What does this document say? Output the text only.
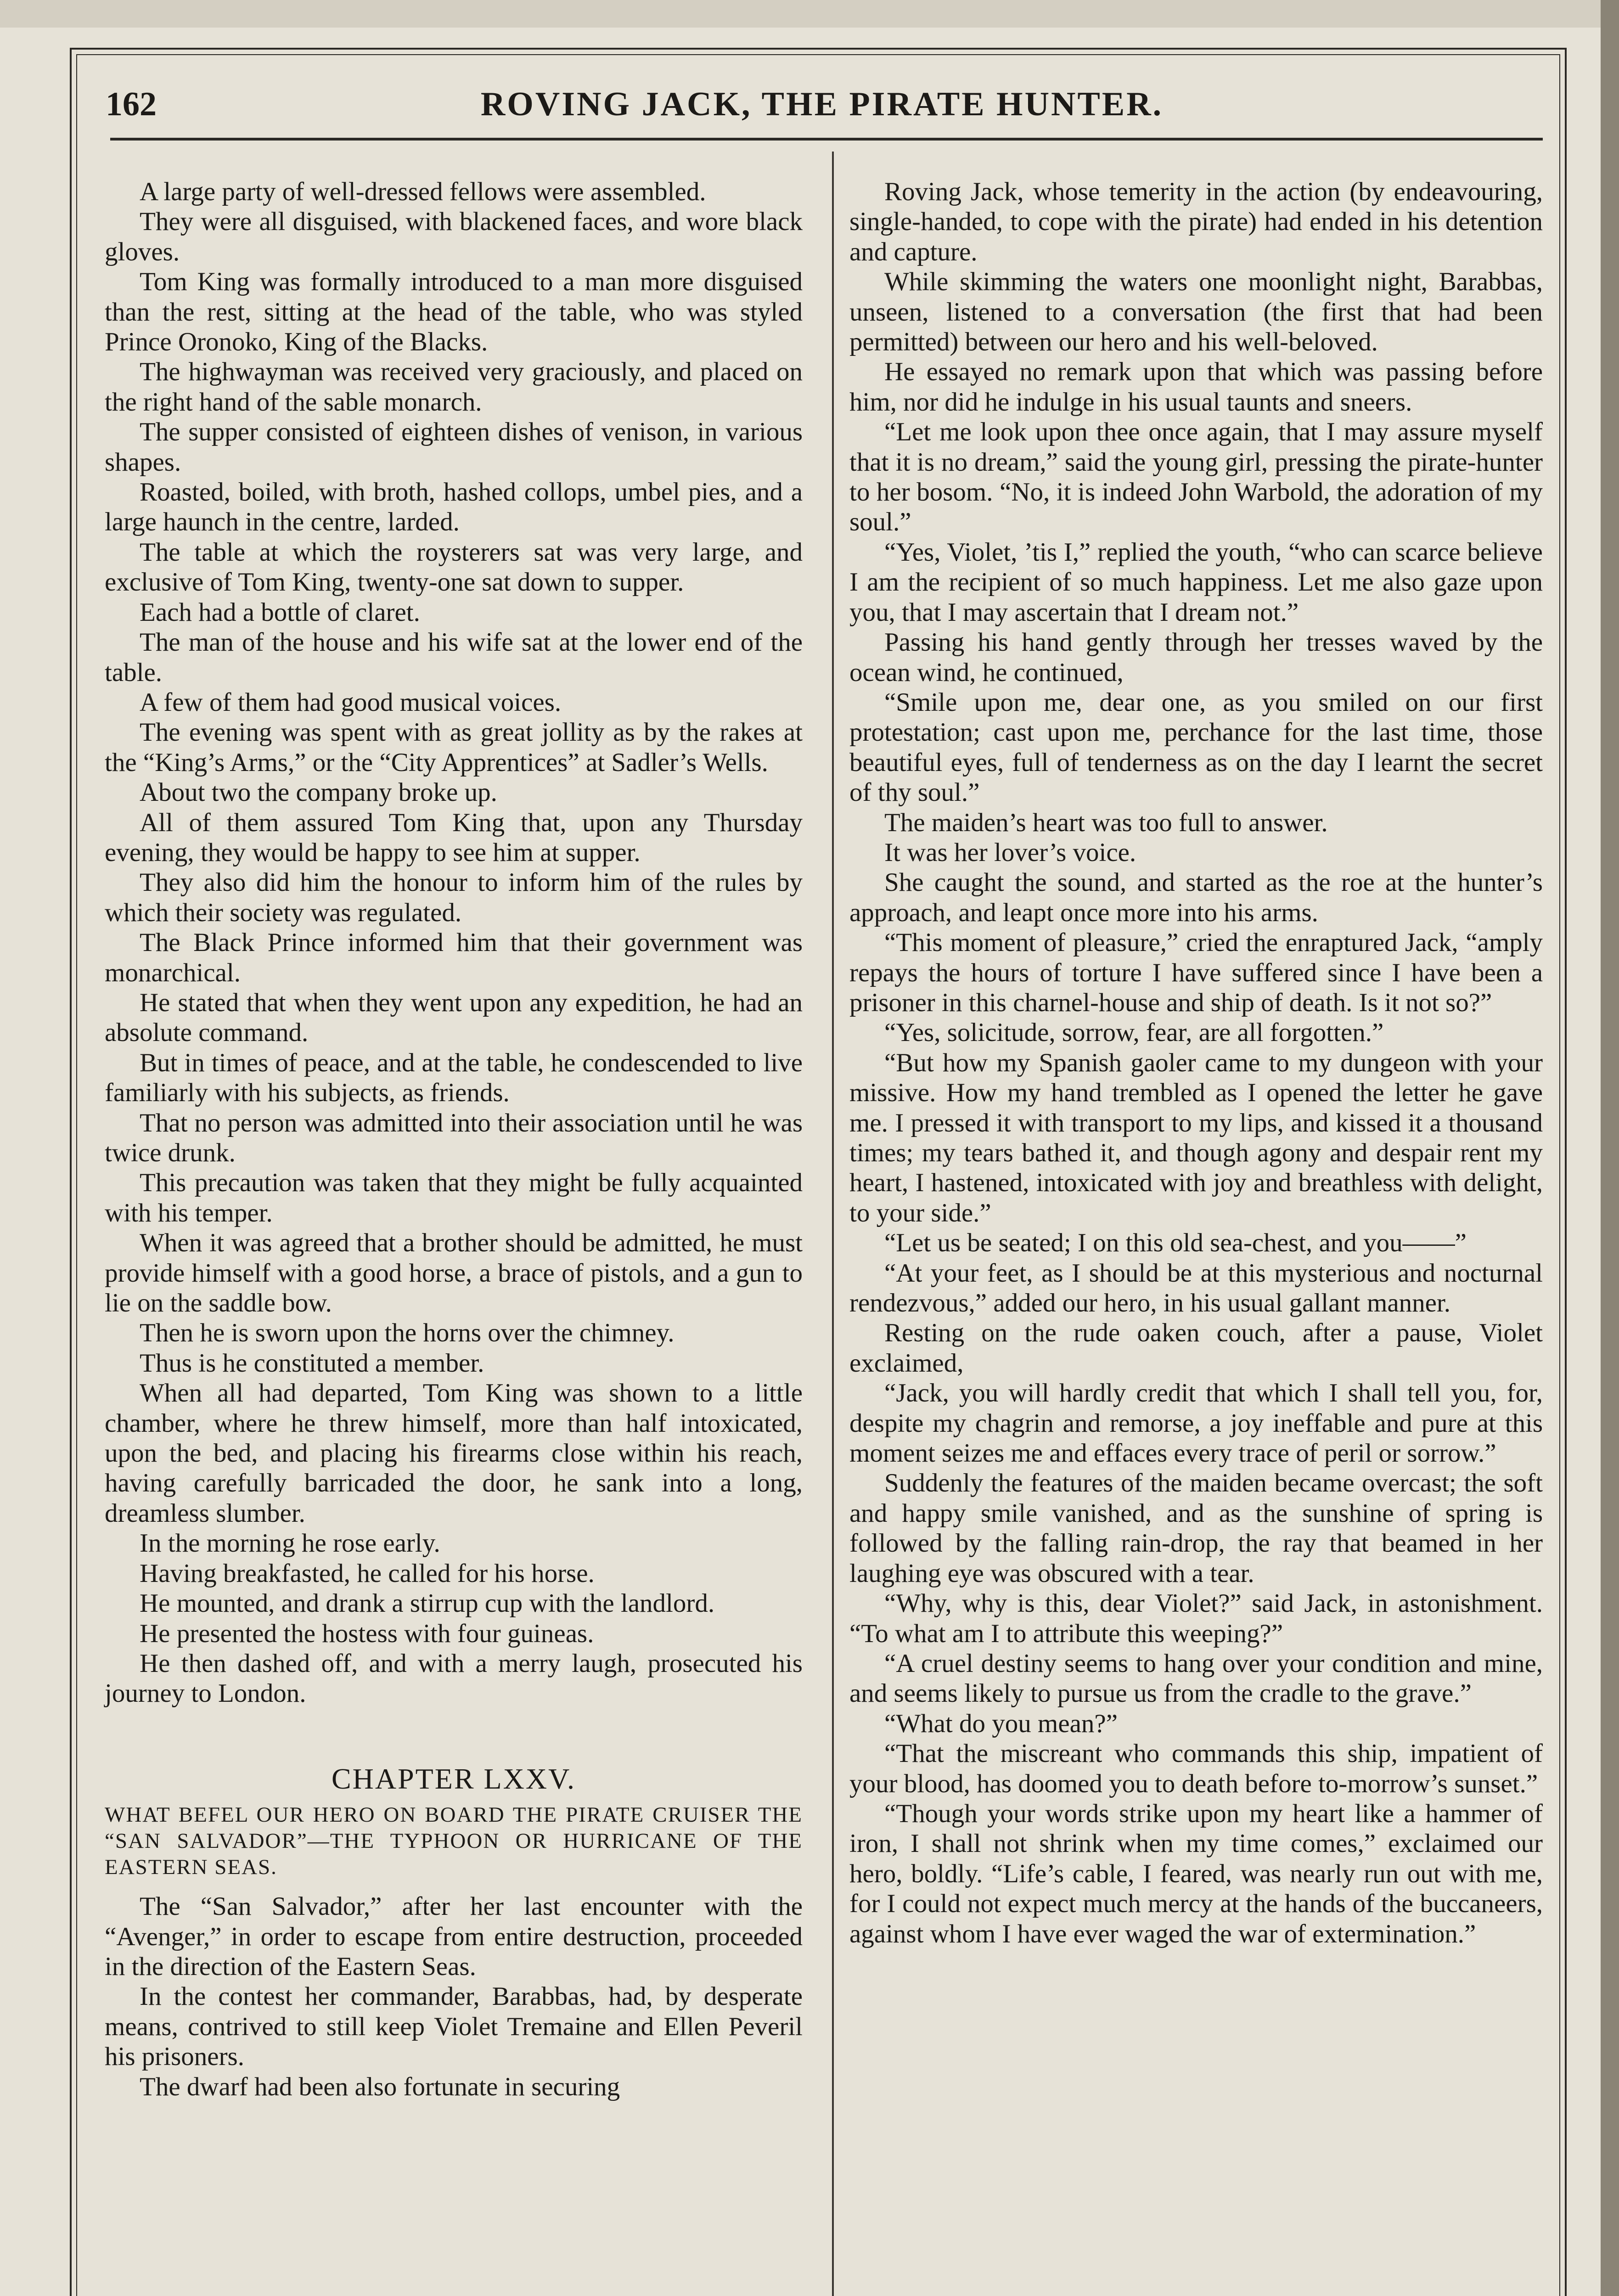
162	ROVING JACK, THE PIRATE HUNTER.

A large party of well-dressed fellows were assembled.

They were all disguised, with blackened faces, and wore black gloves.

Tom King was formally introduced to a man more disguised than the rest, sitting at the head of the table, who was styled Prince Oronoko, King of the Blacks.

The highwayman was received very graciously, and placed on the right hand of the sable monarch.

The supper consisted of eighteen dishes of venison, in various shapes.

Roasted, boiled, with broth, hashed collops, umbel pies, and a large haunch in the centre, larded.

The table at which the roysterers sat was very large, and exclusive of Tom King, twenty-one sat down to supper.

Each had a bottle of claret.

The man of the house and his wife sat at the lower end of the table.

A few of them had good musical voices.

The evening was spent with as great jollity as by the rakes at the “King’s Arms,” or the “City Apprentices” at Sadler’s Wells.

About two the company broke up.

All of them assured Tom King that, upon any Thursday evening, they would be happy to see him at supper.

They also did him the honour to inform him of the rules by which their society was regulated.

The Black Prince informed him that their government was monarchical.

He stated that when they went upon any expedition, he had an absolute command.

But in times of peace, and at the table, he condescended to live familiarly with his subjects, as friends.

That no person was admitted into their association until he was twice drunk.

This precaution was taken that they might be fully acquainted with his temper.

When it was agreed that a brother should be admitted, he must provide himself with a good horse, a brace of pistols, and a gun to lie on the saddle bow.

Then he is sworn upon the horns over the chimney.

Thus is he constituted a member.

When all had departed, Tom King was shown to a little chamber, where he threw himself, more than half intoxicated, upon the bed, and placing his firearms close within his reach, having carefully barricaded the door, he sank into a long, dreamless slumber.

In the morning he rose early.

Having breakfasted, he called for his horse.

He mounted, and drank a stirrup cup with the landlord.

He presented the hostess with four guineas.

He then dashed off, and with a merry laugh, prosecuted his journey to London.

CHAPTER LXXV.

WHAT BEFEL OUR HERO ON BOARD THE PIRATE CRUISER THE “SAN SALVADOR”—THE TYPHOON OR HURRICANE OF THE EASTERN SEAS.

The “San Salvador,” after her last encounter with the “Avenger,” in order to escape from entire destruction, proceeded in the direction of the Eastern Seas.

In the contest her commander, Barabbas, had, by desperate means, contrived to still keep Violet Tremaine and Ellen Peveril his prisoners.

The dwarf had been also fortunate in securing

Roving Jack, whose temerity in the action (by endeavouring, single-handed, to cope with the pirate) had ended in his detention and capture.

While skimming the waters one moonlight night, Barabbas, unseen, listened to a conversation (the first that had been permitted) between our hero and his well-beloved.

He essayed no remark upon that which was passing before him, nor did he indulge in his usual taunts and sneers.

“Let me look upon thee once again, that I may assure myself that it is no dream,” said the young girl, pressing the pirate-hunter to her bosom. “No, it is indeed John Warbold, the adoration of my soul.”

“Yes, Violet, ’tis I,” replied the youth, “who can scarce believe I am the recipient of so much happiness. Let me also gaze upon you, that I may ascertain that I dream not.”

Passing his hand gently through her tresses waved by the ocean wind, he continued,

“Smile upon me, dear one, as you smiled on our first protestation; cast upon me, perchance for the last time, those beautiful eyes, full of tenderness as on the day I learnt the secret of thy soul.”

The maiden’s heart was too full to answer.

It was her lover’s voice.

She caught the sound, and started as the roe at the hunter’s approach, and leapt once more into his arms.

“This moment of pleasure,” cried the enraptured Jack, “amply repays the hours of torture I have suffered since I have been a prisoner in this charnel-house and ship of death. Is it not so?”

“Yes, solicitude, sorrow, fear, are all forgotten.”

“But how my Spanish gaoler came to my dungeon with your missive. How my hand trembled as I opened the letter he gave me. I pressed it with transport to my lips, and kissed it a thousand times; my tears bathed it, and though agony and despair rent my heart, I hastened, intoxicated with joy and breathless with delight, to your side.”

“Let us be seated; I on this old sea-chest, and you——”

“At your feet, as I should be at this mysterious and nocturnal rendezvous,” added our hero, in his usual gallant manner.

Resting on the rude oaken couch, after a pause, Violet exclaimed,

“Jack, you will hardly credit that which I shall tell you, for, despite my chagrin and remorse, a joy ineffable and pure at this moment seizes me and effaces every trace of peril or sorrow.”

Suddenly the features of the maiden became overcast; the soft and happy smile vanished, and as the sunshine of spring is followed by the falling rain-drop, the ray that beamed in her laughing eye was obscured with a tear.

“Why, why is this, dear Violet?” said Jack, in astonishment. “To what am I to attribute this weeping?”

“A cruel destiny seems to hang over your condition and mine, and seems likely to pursue us from the cradle to the grave.”

“What do you mean?”

“That the miscreant who commands this ship, impatient of your blood, has doomed you to death before to-morrow’s sunset.”

“Though your words strike upon my heart like a hammer of iron, I shall not shrink when my time comes,” exclaimed our hero, boldly. “Life’s cable, I feared, was nearly run out with me, for I could not expect much mercy at the hands of the buccaneers, against whom I have ever waged the war of extermination.”
